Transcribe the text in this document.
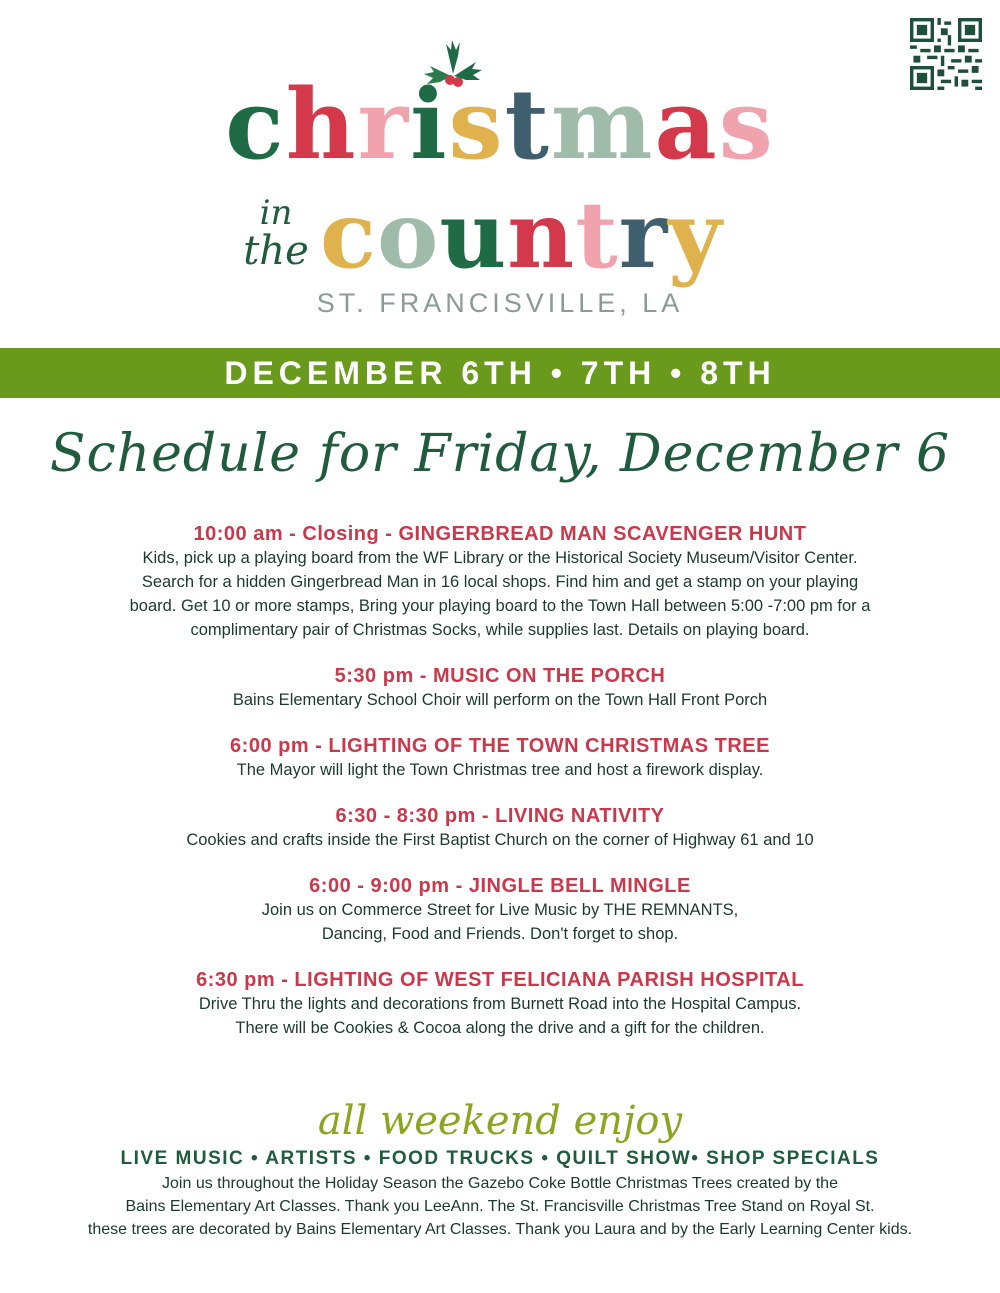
christmas
in
the country
ST. FRANCISVILLE, LA
DECEMBER 6TH • 7TH • 8TH
Schedule for Friday, December 6
10:00 am - Closing - GINGERBREAD MAN SCAVENGER HUNT
Kids, pick up a playing board from the WF Library or the Historical Society Museum/Visitor Center.
Search for a hidden Gingerbread Man in 16 local shops. Find him and get a stamp on your playing
board. Get 10 or more stamps, Bring your playing board to the Town Hall between 5:00 -7:00 pm for a
complimentary pair of Christmas Socks, while supplies last. Details on playing board.
5:30 pm - MUSIC ON THE PORCH
Bains Elementary School Choir will perform on the Town Hall Front Porch
6:00 pm - LIGHTING OF THE TOWN CHRISTMAS TREE
The Mayor will light the Town Christmas tree and host a firework display.
6:30 - 8:30 pm - LIVING NATIVITY
Cookies and crafts inside the First Baptist Church on the corner of Highway 61 and 10
6:00 - 9:00 pm - JINGLE BELL MINGLE
Join us on Commerce Street for Live Music by THE REMNANTS,
Dancing, Food and Friends. Don't forget to shop.
6:30 pm - LIGHTING OF WEST FELICIANA PARISH HOSPITAL
Drive Thru the lights and decorations from Burnett Road into the Hospital Campus.
There will be Cookies & Cocoa along the drive and a gift for the children.
all weekend enjoy
LIVE MUSIC • ARTISTS • FOOD TRUCKS • QUILT SHOW• SHOP SPECIALS
Join us throughout the Holiday Season the Gazebo Coke Bottle Christmas Trees created by the
Bains Elementary Art Classes. Thank you LeeAnn. The St. Francisville Christmas Tree Stand on Royal St.
these trees are decorated by Bains Elementary Art Classes. Thank you Laura and by the Early Learning Center kids.
